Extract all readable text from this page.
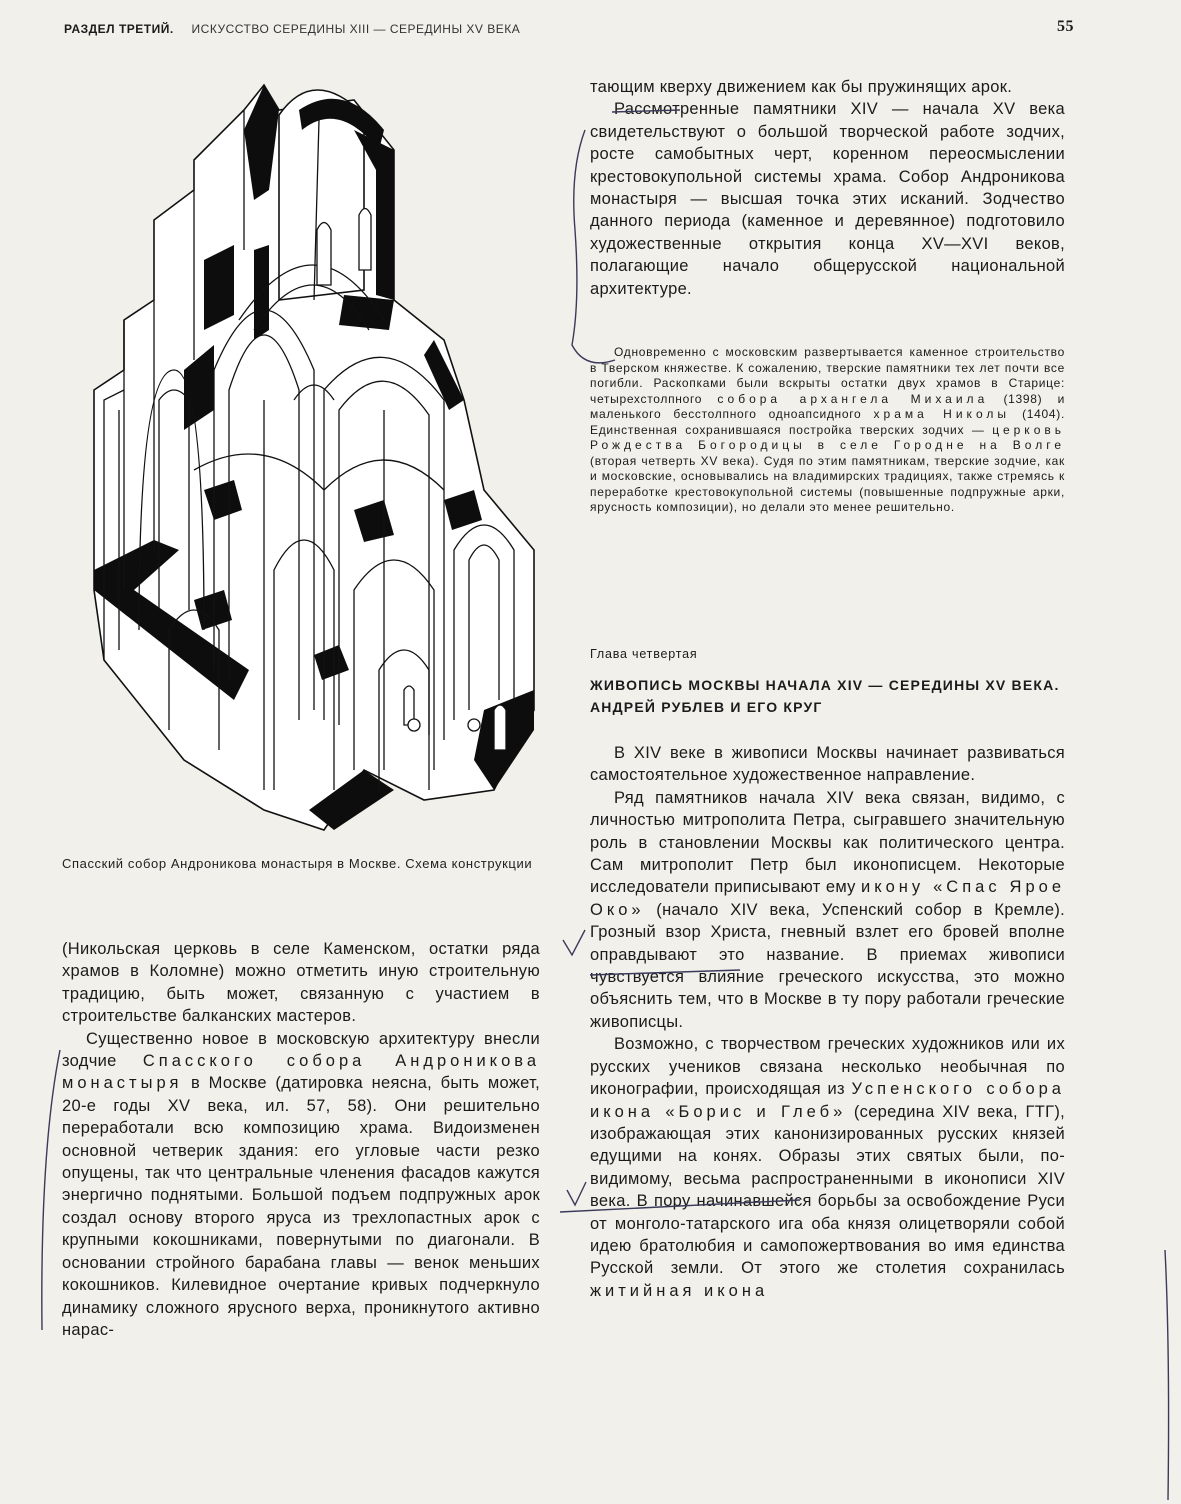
РАЗДЕЛ ТРЕТИЙ. ИСКУССТВО СЕРЕДИНЫ XIII — СЕРЕДИНЫ XV ВЕКА	55
Спасский собор Андроникова монастыря в Москве. Схема конструкции

(Никольская церковь в селе Каменском, остатки ряда храмов в Коломне) можно отметить иную строительную традицию, быть может, связанную с участием в строительстве балканских мастеров.

Существенно новое в московскую архитектуру внесли зодчие Спасского собора Андроникова монастыря в Москве (датировка неясна, быть может, 20-е годы XV века, ил. 57, 58). Они решительно переработали всю композицию храма. Видоизменен основной четверик здания: его угловые части резко опущены, так что центральные членения фасадов кажутся энергично поднятыми. Большой подъем подпружных арок создал основу второго яруса из трехлопастных арок с крупными кокошниками, повернутыми по диагонали. В основании стройного барабана главы — венок меньших кокошников. Килевидное очертание кривых подчеркнуло динамику сложного ярусного верха, проникнутого активно нарас-

тающим кверху движением как бы пружинящих арок.

Рассмотренные памятники XIV — начала XV века свидетельствуют о большой творческой работе зодчих, росте самобытных черт, коренном переосмыслении крестовокупольной системы храма. Собор Андроникова монастыря — высшая точка этих исканий. Зодчество данного периода (каменное и деревянное) подготовило художественные открытия конца XV—XVI веков, полагающие начало общерусской национальной архитектуре.

Одновременно с московским развертывается каменное строительство в Тверском княжестве. К сожалению, тверские памятники тех лет почти все погибли. Раскопками были вскрыты остатки двух храмов в Старице: четырехстолпного собора архангела Михаила (1398) и маленького бесстолпного одноапсидного храма Николы (1404). Единственная сохранившаяся постройка тверских зодчих — церковь Рождества Богородицы в селе Городне на Волге (вторая четверть XV века). Судя по этим памятникам, тверские зодчие, как и московские, основывались на владимирских традициях, также стремясь к переработке крестовокупольной системы (повышенные подпружные арки, ярусность композиции), но делали это менее решительно.

Глава четвертая
ЖИВОПИСЬ МОСКВЫ НАЧАЛА XIV — СЕРЕДИНЫ XV ВЕКА. АНДРЕЙ РУБЛЕВ И ЕГО КРУГ

В XIV веке в живописи Москвы начинает развиваться самостоятельное художественное направление.

Ряд памятников начала XIV века связан, видимо, с личностью митрополита Петра, сыгравшего значительную роль в становлении Москвы как политического центра. Сам митрополит Петр был иконописцем. Некоторые исследователи приписывают ему икону «Спас Ярое Око» (начало XIV века, Успенский собор в Кремле). Грозный взор Христа, гневный взлет его бровей вполне оправдывают это название. В приемах живописи чувствуется влияние греческого искусства, это можно объяснить тем, что в Москве в ту пору работали греческие живописцы.

Возможно, с творчеством греческих художников или их русских учеников связана несколько необычная по иконографии, происходящая из Успенского собора икона «Борис и Глеб» (середина XIV века, ГТГ), изображающая этих канонизированных русских князей едущими на конях. Образы этих святых были, по-видимому, весьма распространенными в иконописи XIV века. В пору начинавшейся борьбы за освобождение Руси от монголо-татарского ига оба князя олицетворяли собой идею братолюбия и самопожертвования во имя единства Русской земли. От этого же столетия сохранилась житийная икона
